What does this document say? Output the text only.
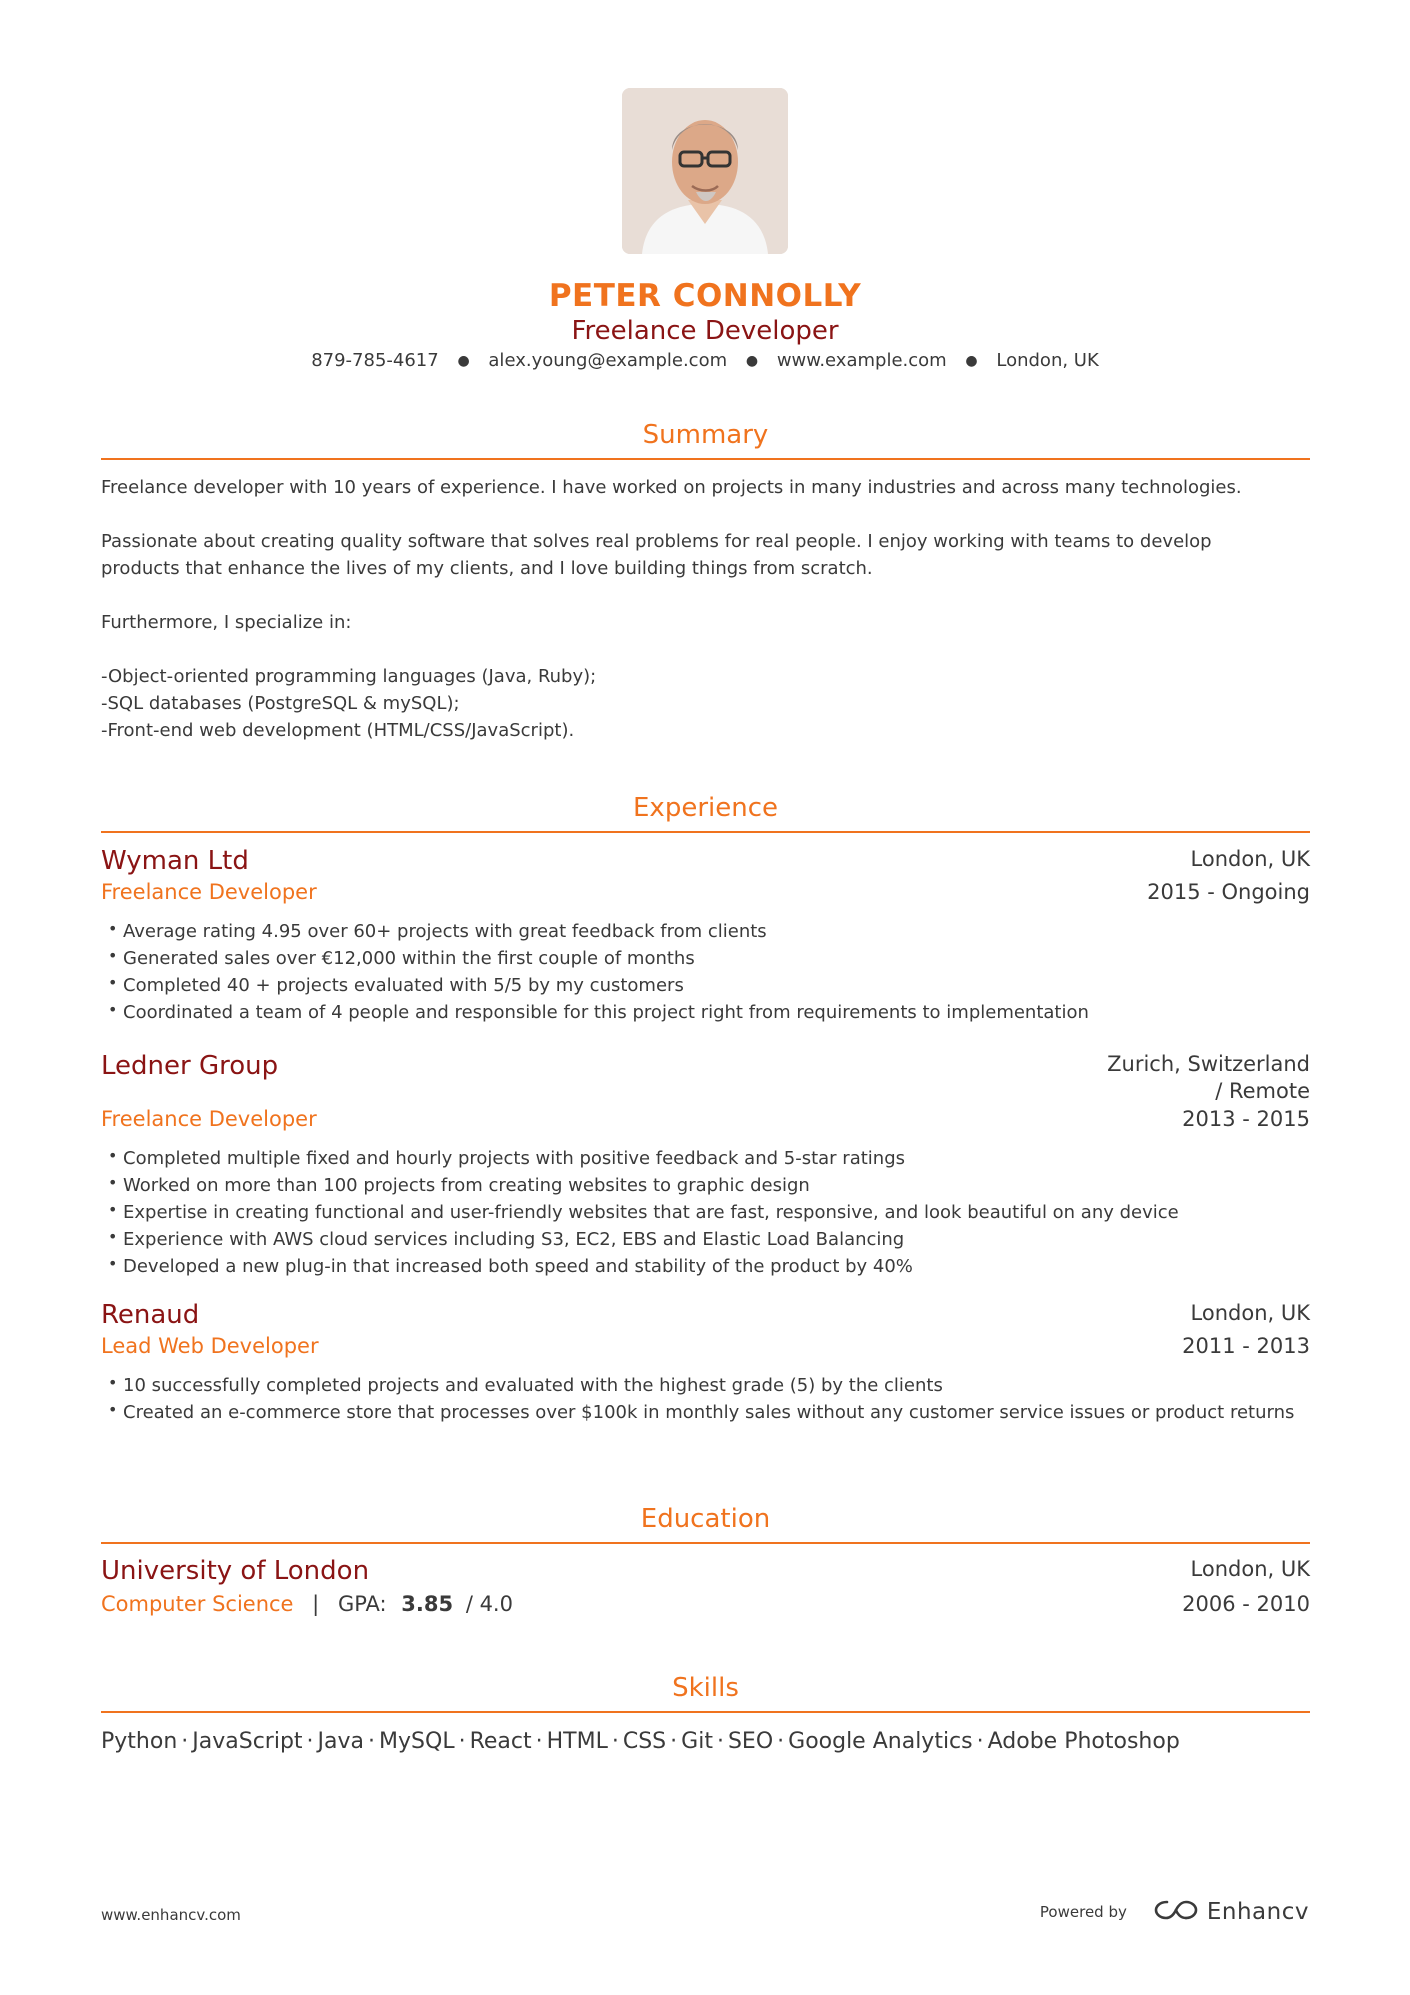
PETER CONNOLLY
Freelance Developer
879-785-4617 ● alex.young@example.com ● www.example.com ● London, UK
Summary

Freelance developer with 10 years of experience. I have worked on projects in many industries and across many technologies.

Passionate about creating quality software that solves real problems for real people. I enjoy working with teams to develop

products that enhance the lives of my clients, and I love building things from scratch.

Furthermore, I specialize in:

-Object-oriented programming languages (Java, Ruby);

-SQL databases (PostgreSQL & mySQL);

-Front-end web development (HTML/CSS/JavaScript).

Experience
Wyman Ltd
Freelance Developer
London, UK
2015 - Ongoing
• Average rating 4.95 over 60+ projects with great feedback from clients
• Generated sales over €12,000 within the first couple of months
• Completed 40 + projects evaluated with 5/5 by my customers
• Coordinated a team of 4 people and responsible for this project right from requirements to implementation
Ledner Group
Freelance Developer
Zurich, Switzerland
/ Remote
2013 - 2015
• Completed multiple fixed and hourly projects with positive feedback and 5-star ratings
• Worked on more than 100 projects from creating websites to graphic design
• Expertise in creating functional and user-friendly websites that are fast, responsive, and look beautiful on any device
• Experience with AWS cloud services including S3, EC2, EBS and Elastic Load Balancing
• Developed a new plug-in that increased both speed and stability of the product by 40%
Renaud
Lead Web Developer
London, UK
2011 - 2013
• 10 successfully completed projects and evaluated with the highest grade (5) by the clients
• Created an e-commerce store that processes over $100k in monthly sales without any customer service issues or product returns
Education
University of London
Computer Science | GPA: 3.85 / 4.0
London, UK
2006 - 2010
Skills
Python · JavaScript · Java · MySQL · React · HTML · CSS · Git · SEO · Google Analytics · Adobe Photoshop
www.enhancv.com	Powered by	Enhancv
